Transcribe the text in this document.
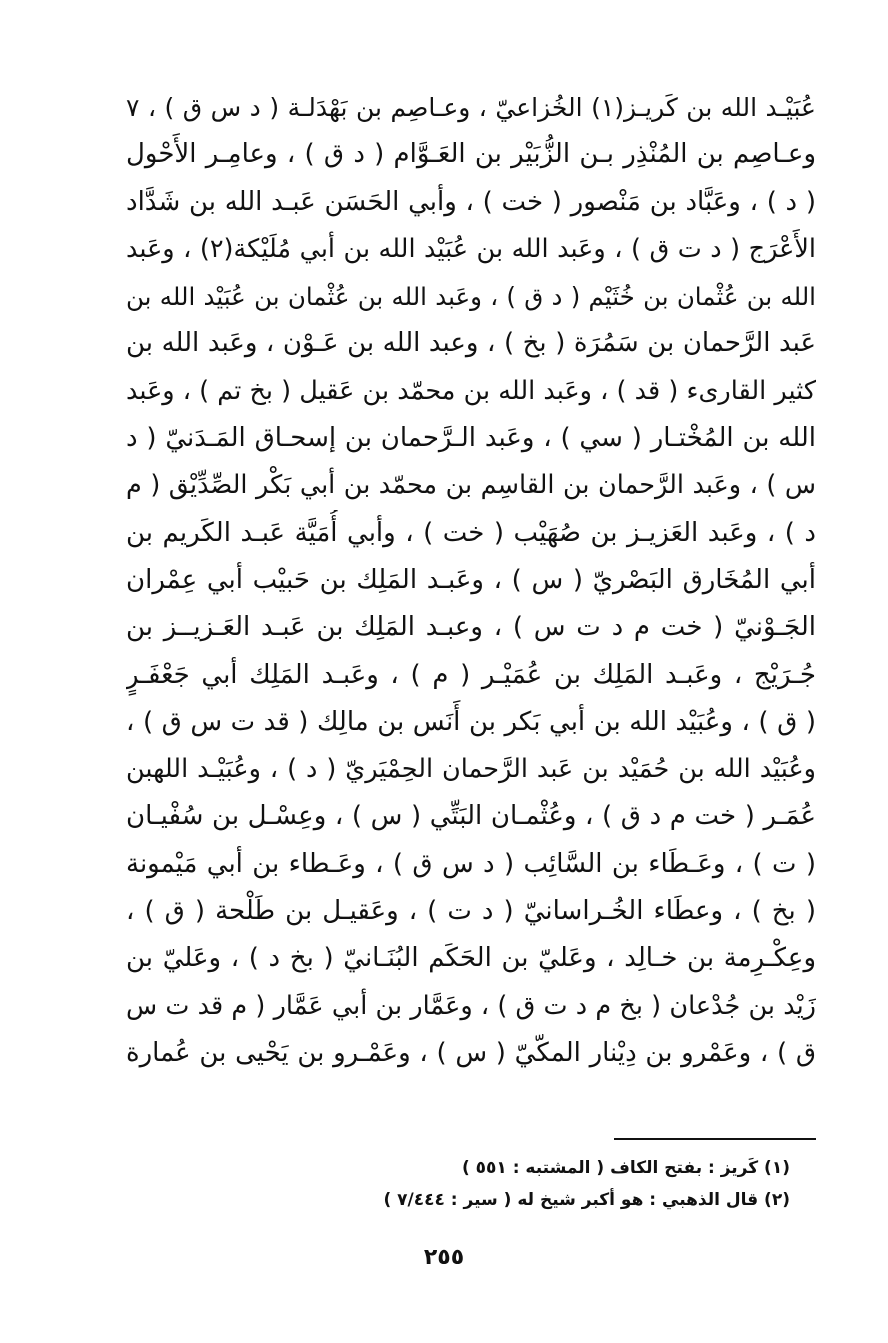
عُبَيْـد الله بن كَريـز(١) الخُزاعيّ ، وعـاصِم بن بَهْدَلـة ( د س ق ) ، ٧
وعـاصِم بن المُنْذِر بـن الزُّبَيْر بن العَـوَّام ( د ق ) ، وعامِـر الأَحْول
( د ) ، وعَبَّاد بن مَنْصور ( خت ) ، وأبي الحَسَن عَبـد الله بن شَدَّاد
الأَعْرَج ( د ت ق ) ، وعَبد الله بن عُبَيْد الله بن أبي مُلَيْكة(٢) ، وعَبد
الله بن عُثْمان بن خُثَيْم ( د ق ) ، وعَبد الله بن عُثْمان بن عُبَيْد الله بن
عَبد الرَّحمان بن سَمُرَة ( بخ ) ، وعبد الله بن عَـوْن ، وعَبد الله بن
كثير القارىء ( قد ) ، وعَبد الله بن محمّد بن عَقيل ( بخ تم ) ، وعَبد
الله بن المُخْتـار ( سي ) ، وعَبد الـرَّحمان بن إسحـاق المَـدَنيّ ( د
س ) ، وعَبد الرَّحمان بن القاسِم بن محمّد بن أبي بَكْر الصِّدِّيْق ( م
د ) ، وعَبد العَزيـز بن صُهَيْب ( خت ) ، وأبي أُمَيَّة عَبـد الكَريم بن
أبي المُخَارق البَصْريّ ( س ) ، وعَبـد المَلِك بن حَبيْب أبي عِمْران
الجَـوْنيّ ( خت م د ت س ) ، وعبـد المَلِك بن عَبـد العَـزيــز بن
جُـرَيْج ، وعَبـد المَلِك بن عُمَيْـر ( م ) ، وعَبـد المَلِك أبي جَعْفَـرٍ
( ق ) ، وعُبَيْد الله بن أبي بَكر بن أَنَس بن مالِك ( قد ت س ق ) ،
وعُبَيْد الله بن حُمَيْد بن عَبد الرَّحمان الحِمْيَريّ ( د ) ، وعُبَيْـد اللهبن
عُمَـر ( خت م د ق ) ، وعُثْمـان البَتِّي ( س ) ، وعِسْـل بن سُفْيـان
( ت ) ، وعَـطَاء بن السَّائِب ( د س ق ) ، وعَـطاء بن أبي مَيْمونة
( بخ ) ، وعطَاء الخُـراسانيّ ( د ت ) ، وعَقيـل بن طَلْحة ( ق ) ،
وعِكْـرِمة بن خـالِد ، وعَليّ بن الحَكَم البُنَـانيّ ( بخ د ) ، وعَليّ بن
زَيْد بن جُدْعان ( بخ م د ت ق ) ، وعَمَّار بن أبي عَمَّار ( م قد ت س
ق ) ، وعَمْرو بن دِيْنار المكّيّ ( س ) ، وعَمْـرو بن يَحْيى بن عُمارة
(١) كَريز : بفتح الكاف ( المشتبه : ٥٥١ )
(٢) قال الذهبي : هو أكبر شيخ له ( سير : ٧/٤٤٤ )
٢٥٥
